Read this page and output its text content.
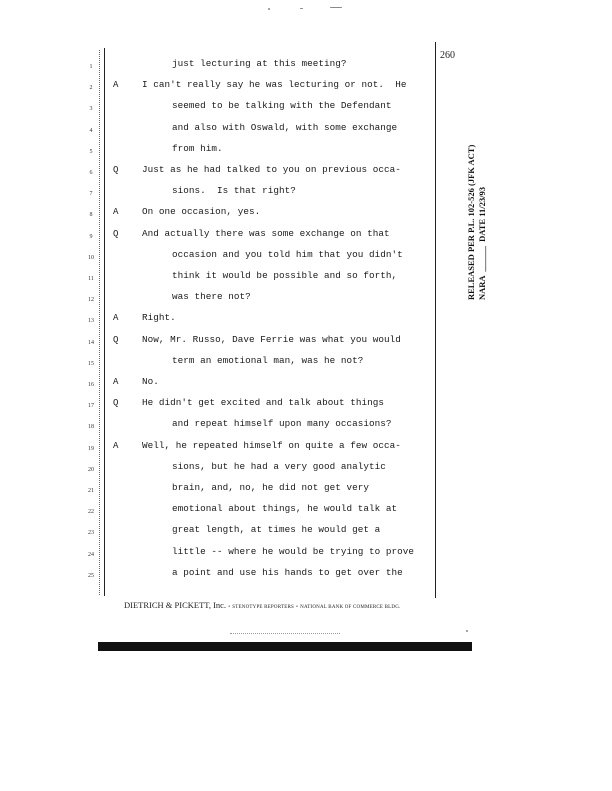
260
1	just lecturing at this meeting?
2	A	I can't really say he was lecturing or not.  He
3	seemed to be talking with the Defendant
4	and also with Oswald, with some exchange
5	from him.
6	Q	Just as he had talked to you on previous occa-
7	sions.  Is that right?
8	A	On one occasion, yes.
9	Q	And actually there was some exchange on that
10	occasion and you told him that you didn't
11	think it would be possible and so forth,
12	was there not?
13	A	Right.
14	Q	Now, Mr. Russo, Dave Ferrie was what you would
15	term an emotional man, was he not?
16	A	No.
17	Q	He didn't get excited and talk about things
18	and repeat himself upon many occasions?
19	A	Well, he repeated himself on quite a few occa-
20	sions, but he had a very good analytic
21	brain, and, no, he did not get very
22	emotional about things, he would talk at
23	great length, at times he would get a
24	little -- where he would be trying to prove
25	a point and use his hands to get over the
DIETRICH & PICKETT, Inc. • STENOTYPE REPORTERS • NATIONAL BANK OF COMMERCE BLDG.
RELEASED PER P.L. 102-526 (JFK ACT)
NARA  ______  DATE 11/23/93
